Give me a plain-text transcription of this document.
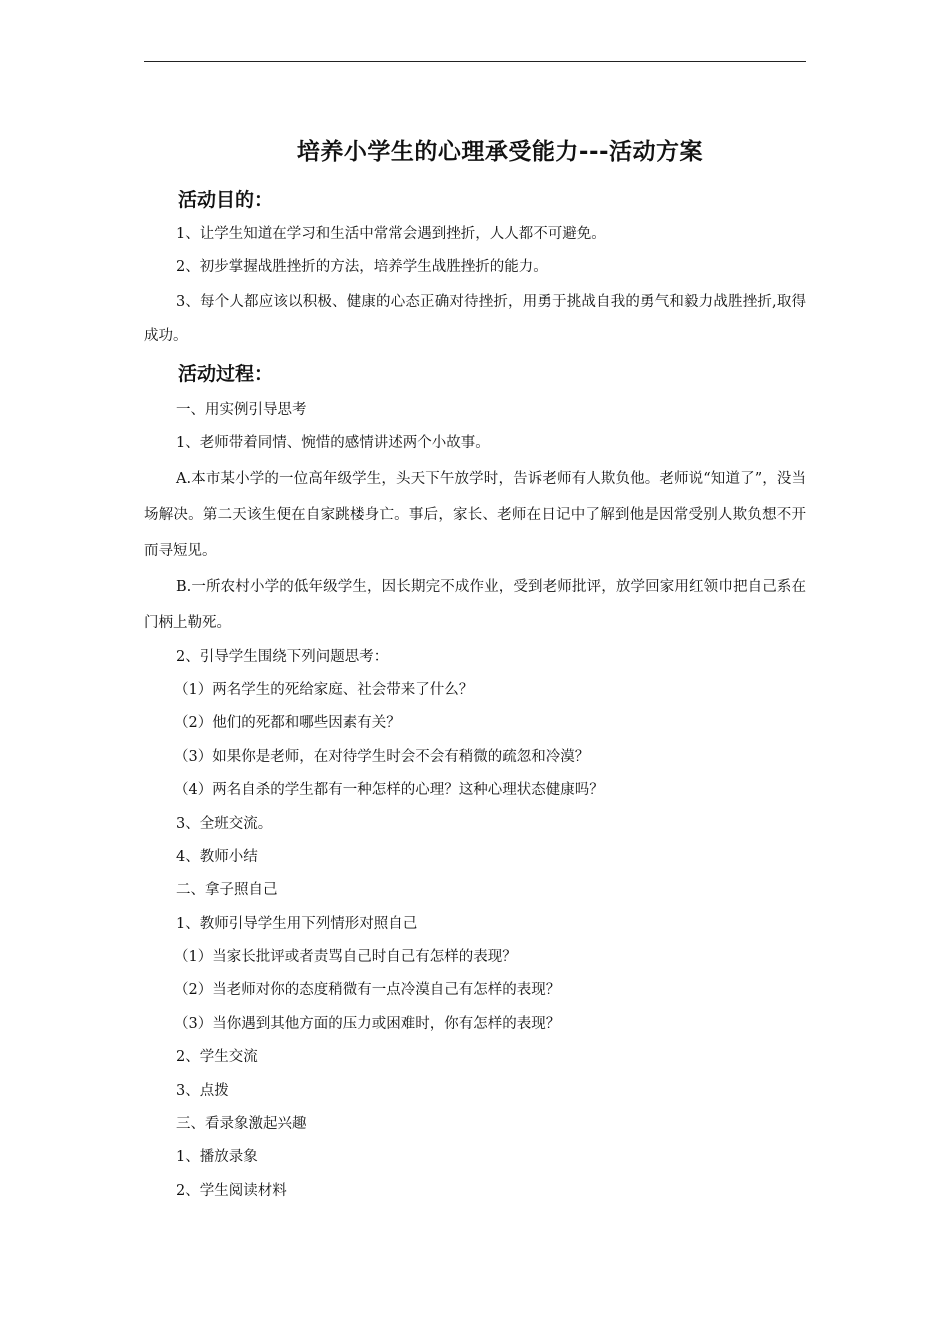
培养小学生的心理承受能力---活动方案
活动目的：
1、让学生知道在学习和生活中常常会遇到挫折，人人都不可避免。
2、初步掌握战胜挫折的方法，培养学生战胜挫折的能力。
3、每个人都应该以积极、健康的心态正确对待挫折，用勇于挑战自我的勇气和毅力战胜挫折,取得成功。
活动过程：
一、用实例引导思考
1、老师带着同情、惋惜的感情讲述两个小故事。
A.本市某小学的一位高年级学生，头天下午放学时，告诉老师有人欺负他。老师说“知道了”，没当场解决。第二天该生便在自家跳楼身亡。事后，家长、老师在日记中了解到他是因常受别人欺负想不开而寻短见。
B.一所农村小学的低年级学生，因长期完不成作业，受到老师批评，放学回家用红领巾把自己系在门柄上勒死。
2、引导学生围绕下列问题思考：
（1）两名学生的死给家庭、社会带来了什么？
（2）他们的死都和哪些因素有关？
（3）如果你是老师，在对待学生时会不会有稍微的疏忽和冷漠？
（4）两名自杀的学生都有一种怎样的心理？这种心理状态健康吗？
3、全班交流。
4、教师小结
二、拿子照自己
1、教师引导学生用下列情形对照自己
（1）当家长批评或者责骂自己时自己有怎样的表现？
（2）当老师对你的态度稍微有一点冷漠自己有怎样的表现？
（3）当你遇到其他方面的压力或困难时，你有怎样的表现？
2、学生交流
3、点拨
三、看录象激起兴趣
1、播放录象
2、学生阅读材料
